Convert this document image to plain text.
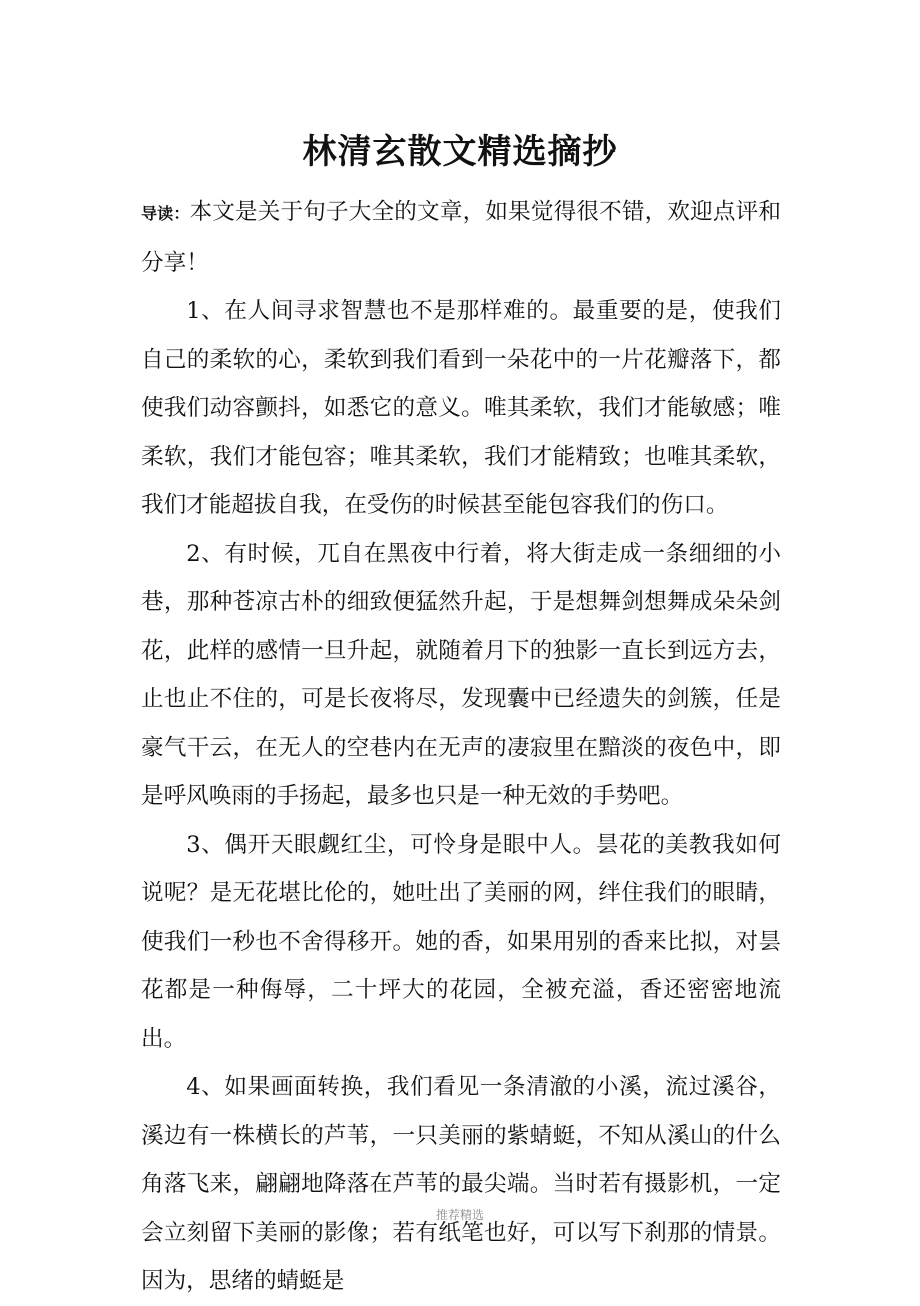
林清玄散文精选摘抄

导读：本文是关于句子大全的文章，如果觉得很不错，欢迎点评和分享！

1、在人间寻求智慧也不是那样难的。最重要的是，使我们自己的柔软的心，柔软到我们看到一朵花中的一片花瓣落下，都使我们动容颤抖，如悉它的意义。唯其柔软，我们才能敏感；唯柔软，我们才能包容；唯其柔软，我们才能精致；也唯其柔软，我们才能超拔自我，在受伤的时候甚至能包容我们的伤口。

2、有时候，兀自在黑夜中行着，将大街走成一条细细的小巷，那种苍凉古朴的细致便猛然升起，于是想舞剑想舞成朵朵剑花，此样的感情一旦升起，就随着月下的独影一直长到远方去，止也止不住的，可是长夜将尽，发现囊中已经遗失的剑簇，任是豪气干云，在无人的空巷内在无声的凄寂里在黯淡的夜色中，即是呼风唤雨的手扬起，最多也只是一种无效的手势吧。

3、偶开天眼觑红尘，可怜身是眼中人。昙花的美教我如何说呢？是无花堪比伦的，她吐出了美丽的网，绊住我们的眼睛，使我们一秒也不舍得移开。她的香，如果用别的香来比拟，对昙花都是一种侮辱，二十坪大的花园，全被充溢，香还密密地流出。

4、如果画面转换，我们看见一条清澈的小溪，流过溪谷，溪边有一株横长的芦苇，一只美丽的紫蜻蜓，不知从溪山的什么角落飞来，翩翩地降落在芦苇的最尖端。当时若有摄影机，一定会立刻留下美丽的影像；若有纸笔也好，可以写下刹那的情景。因为，思绪的蜻蜓是

推荐精选
